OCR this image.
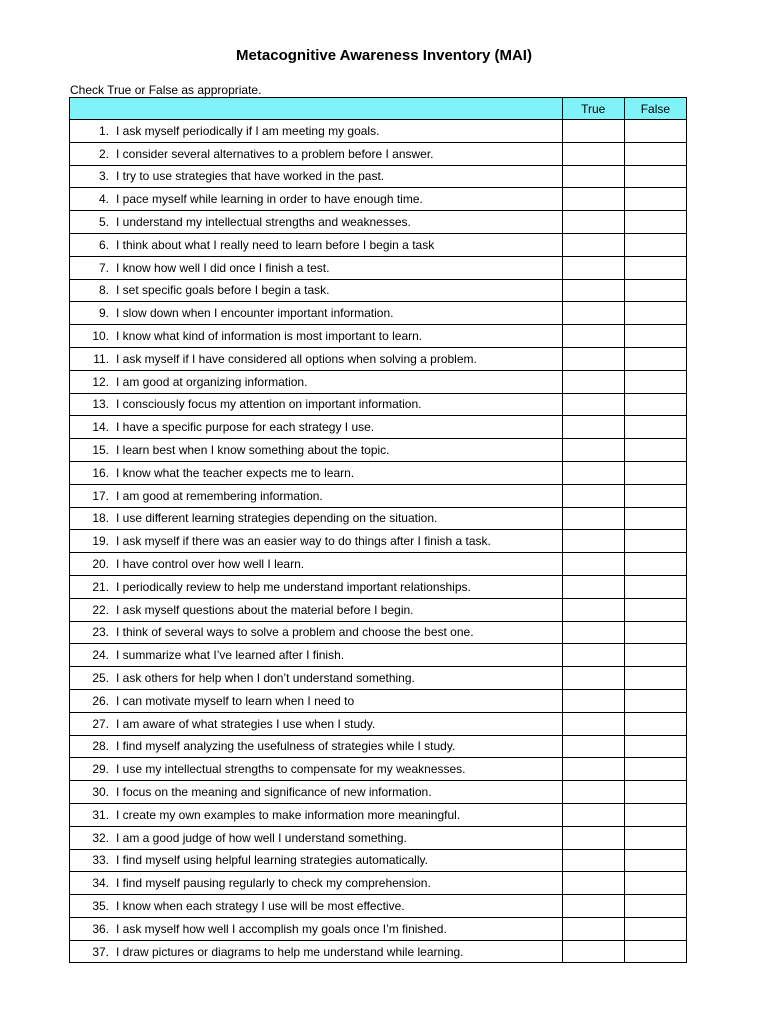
Metacognitive Awareness Inventory (MAI)
Check True or False as appropriate.
	True	False
1. I ask myself periodically if I am meeting my goals.		
2. I consider several alternatives to a problem before I answer.		
3. I try to use strategies that have worked in the past.		
4. I pace myself while learning in order to have enough time.		
5. I understand my intellectual strengths and weaknesses.		
6. I think about what I really need to learn before I begin a task		
7. I know how well I did once I finish a test.		
8. I set specific goals before I begin a task.		
9. I slow down when I encounter important information.		
10. I know what kind of information is most important to learn.		
11. I ask myself if I have considered all options when solving a problem.		
12. I am good at organizing information.		
13. I consciously focus my attention on important information.		
14. I have a specific purpose for each strategy I use.		
15. I learn best when I know something about the topic.		
16. I know what the teacher expects me to learn.		
17. I am good at remembering information.		
18. I use different learning strategies depending on the situation.		
19. I ask myself if there was an easier way to do things after I finish a task.		
20. I have control over how well I learn.		
21. I periodically review to help me understand important relationships.		
22. I ask myself questions about the material before I begin.		
23. I think of several ways to solve a problem and choose the best one.		
24. I summarize what I’ve learned after I finish.		
25. I ask others for help when I don’t understand something.		
26. I can motivate myself to learn when I need to		
27. I am aware of what strategies I use when I study.		
28. I find myself analyzing the usefulness of strategies while I study.		
29. I use my intellectual strengths to compensate for my weaknesses.		
30. I focus on the meaning and significance of new information.		
31. I create my own examples to make information more meaningful.		
32. I am a good judge of how well I understand something.		
33. I find myself using helpful learning strategies automatically.		
34. I find myself pausing regularly to check my comprehension.		
35. I know when each strategy I use will be most effective.		
36. I ask myself how well I accomplish my goals once I’m finished.		
37. I draw pictures or diagrams to help me understand while learning.		
